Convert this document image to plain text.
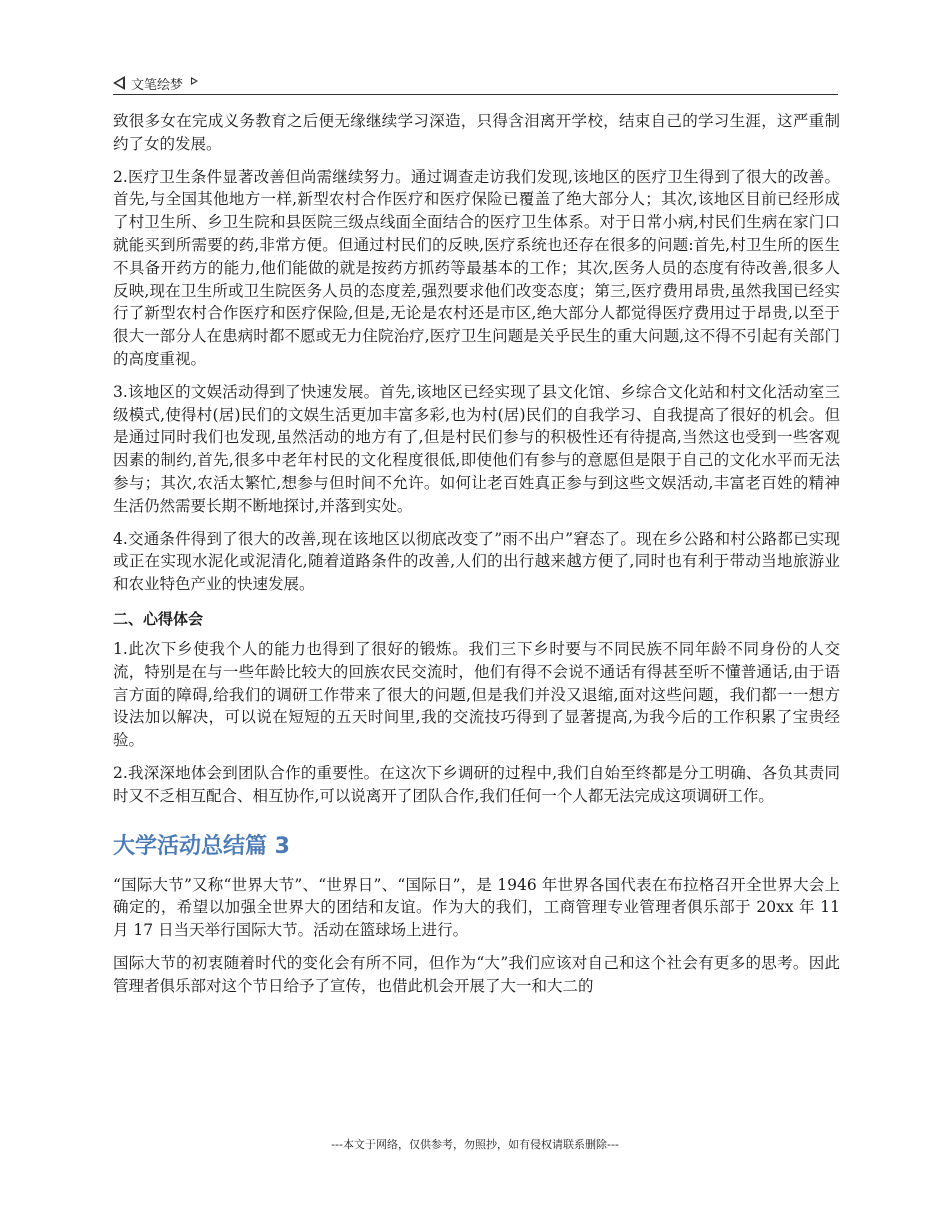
文笔绘梦

致很多女在完成义务教育之后便无缘继续学习深造，只得含泪离开学校，结束自己的学习生涯，这严重制约了女的发展。

2.医疗卫生条件显著改善但尚需继续努力。通过调查走访我们发现,该地区的医疗卫生得到了很大的改善。首先,与全国其他地方一样,新型农村合作医疗和医疗保险已覆盖了绝大部分人；其次,该地区目前已经形成了村卫生所、乡卫生院和县医院三级点线面全面结合的医疗卫生体系。对于日常小病,村民们生病在家门口就能买到所需要的药,非常方便。但通过村民们的反映,医疗系统也还存在很多的问题:首先,村卫生所的医生不具备开药方的能力,他们能做的就是按药方抓药等最基本的工作；其次,医务人员的态度有待改善,很多人反映,现在卫生所或卫生院医务人员的态度差,强烈要求他们改变态度；第三,医疗费用昂贵,虽然我国已经实行了新型农村合作医疗和医疗保险,但是,无论是农村还是市区,绝大部分人都觉得医疗费用过于昂贵,以至于很大一部分人在患病时都不愿或无力住院治疗,医疗卫生问题是关乎民生的重大问题,这不得不引起有关部门的高度重视。

3.该地区的文娱活动得到了快速发展。首先,该地区已经实现了县文化馆、乡综合文化站和村文化活动室三级模式,使得村(居)民们的文娱生活更加丰富多彩,也为村(居)民们的自我学习、自我提高了很好的机会。但是通过同时我们也发现,虽然活动的地方有了,但是村民们参与的积极性还有待提高,当然这也受到一些客观因素的制约,首先,很多中老年村民的文化程度很低,即使他们有参与的意愿但是限于自己的文化水平而无法参与；其次,农活太繁忙,想参与但时间不允许。如何让老百姓真正参与到这些文娱活动,丰富老百姓的精神生活仍然需要长期不断地探讨,并落到实处。

4.交通条件得到了很大的改善,现在该地区以彻底改变了”雨不出户”窘态了。现在乡公路和村公路都已实现或正在实现水泥化或泥清化,随着道路条件的改善,人们的出行越来越方便了,同时也有利于带动当地旅游业和农业特色产业的快速发展。

二、心得体会

1.此次下乡使我个人的能力也得到了很好的锻炼。我们三下乡时要与不同民族不同年龄不同身份的人交流，特别是在与一些年龄比较大的回族农民交流时，他们有得不会说不通话有得甚至听不懂普通话,由于语言方面的障碍,给我们的调研工作带来了很大的问题,但是我们并没又退缩,面对这些问题，我们都一一想方设法加以解决，可以说在短短的五天时间里,我的交流技巧得到了显著提高,为我今后的工作积累了宝贵经验。

2.我深深地体会到团队合作的重要性。在这次下乡调研的过程中,我们自始至终都是分工明确、各负其责同时又不乏相互配合、相互协作,可以说离开了团队合作,我们任何一个人都无法完成这项调研工作。

大学活动总结篇 3

“国际大节”又称“世界大节”、“世界日”、“国际日”，是 1946 年世界各国代表在布拉格召开全世界大会上确定的，希望以加强全世界大的团结和友谊。作为大的我们，工商管理专业管理者俱乐部于 20xx 年 11 月 17 日当天举行国际大节。活动在篮球场上进行。

国际大节的初衷随着时代的变化会有所不同，但作为“大”我们应该对自己和这个社会有更多的思考。因此管理者俱乐部对这个节日给予了宣传，也借此机会开展了大一和大二的

---本文于网络，仅供参考，勿照抄，如有侵权请联系删除---
